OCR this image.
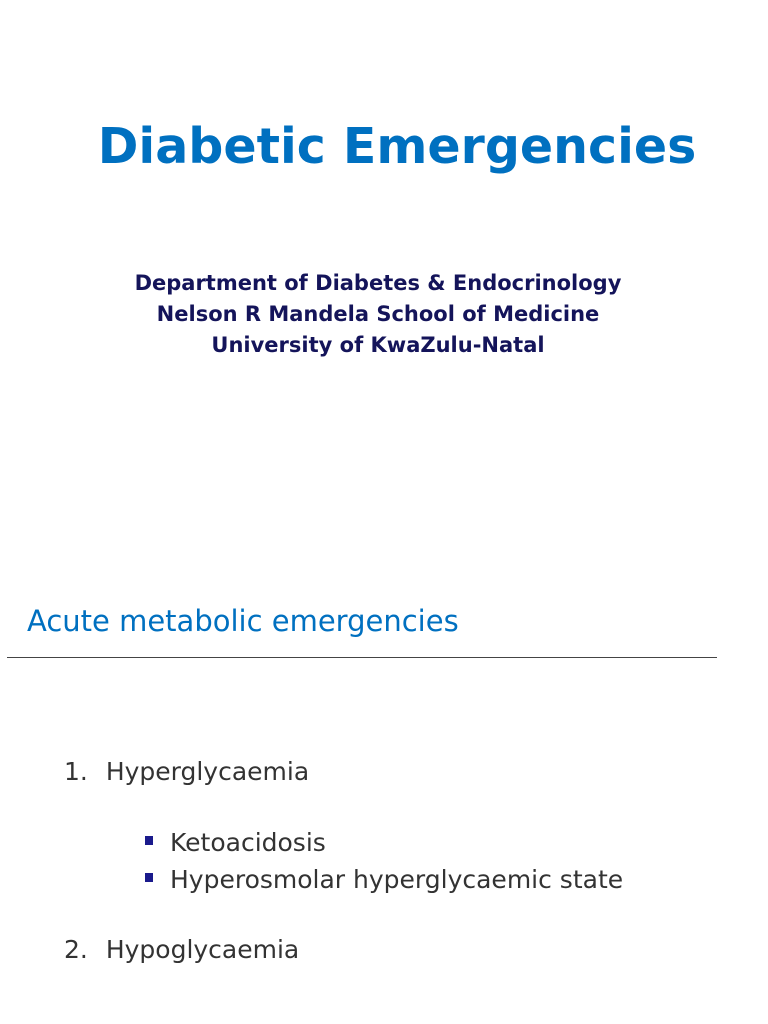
Diabetic Emergencies
Department of Diabetes & Endocrinology
Nelson R Mandela School of Medicine
University of KwaZulu-Natal
Acute metabolic emergencies
1. Hyperglycaemia
Ketoacidosis
Hyperosmolar hyperglycaemic state
2. Hypoglycaemia
